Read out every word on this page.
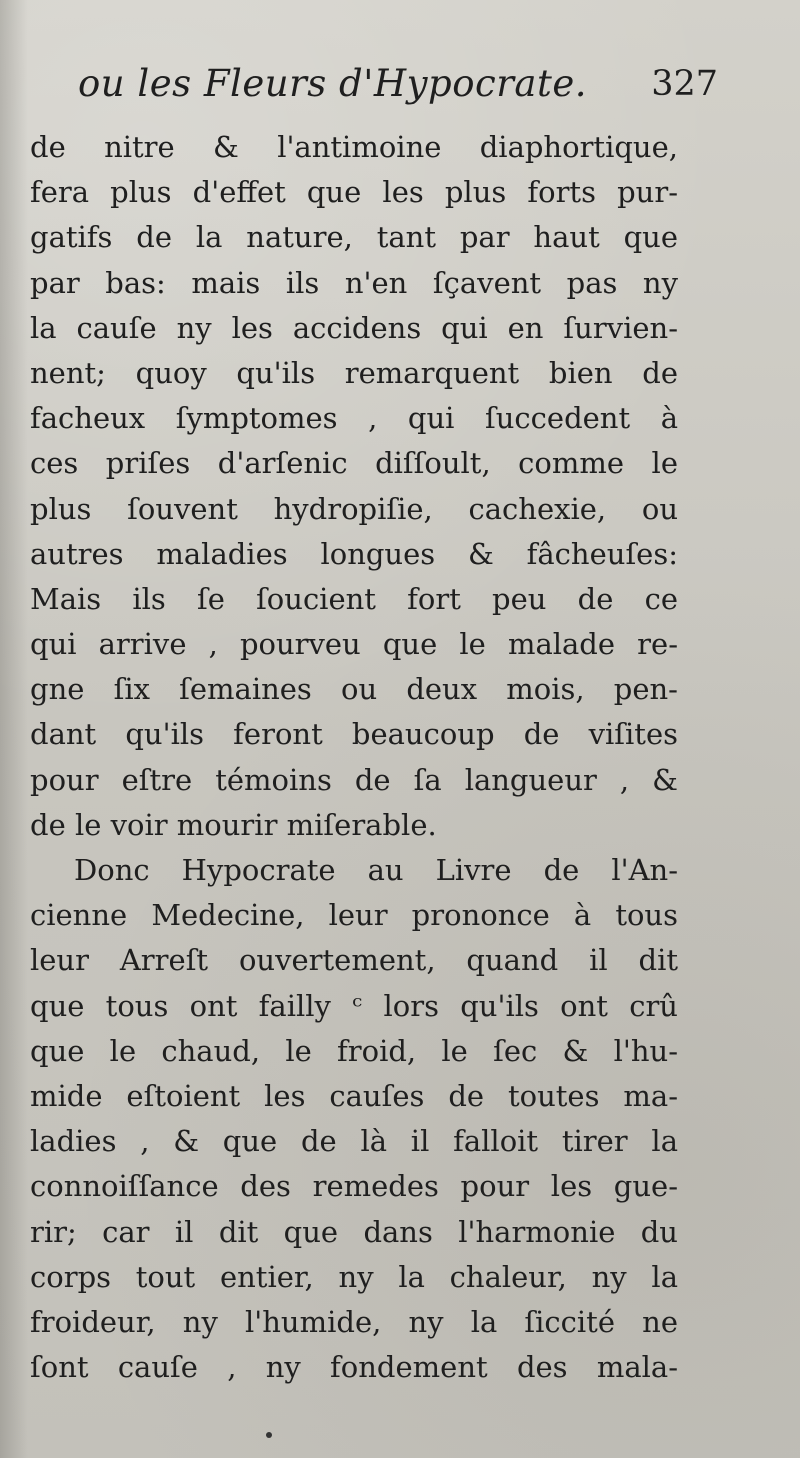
ou les Fleurs d'Hypocrate. 327
de nitre & l'antimoine diaphortique,
fera plus d'effet que les plus forts pur-
gatifs de la nature, tant par haut que
par bas: mais ils n'en ſçavent pas ny
la cauſe ny les accidens qui en ſurvien-
nent; quoy qu'ils remarquent bien de
facheux ſymptomes , qui ſuccedent à
ces priſes d'arſenic diſſoult, comme le
plus ſouvent hydropiſie, cachexie, ou
autres maladies longues & fâcheuſes:
Mais ils ſe ſoucient fort peu de ce
qui arrive , pourveu que le malade re-
gne ſix ſemaines ou deux mois, pen-
dant qu'ils feront beaucoup de viſites
pour eſtre témoins de ſa langueur , &
de le voir mourir miſerable.
Donc Hypocrate au Livre de l'An-
cienne Medecine, leur prononce à tous
leur Arreſt ouvertement, quand il dit
que tous ont failly ᶜ lors qu'ils ont crû
que le chaud, le froid, le ſec & l'hu-
mide eſtoient les cauſes de toutes ma-
ladies , & que de là il falloit tirer la
connoiſſance des remedes pour les gue-
rir; car il dit que dans l'harmonie du
corps tout entier, ny la chaleur, ny la
froideur, ny l'humide, ny la ſiccité ne
ſont cauſe , ny fondement des mala-
